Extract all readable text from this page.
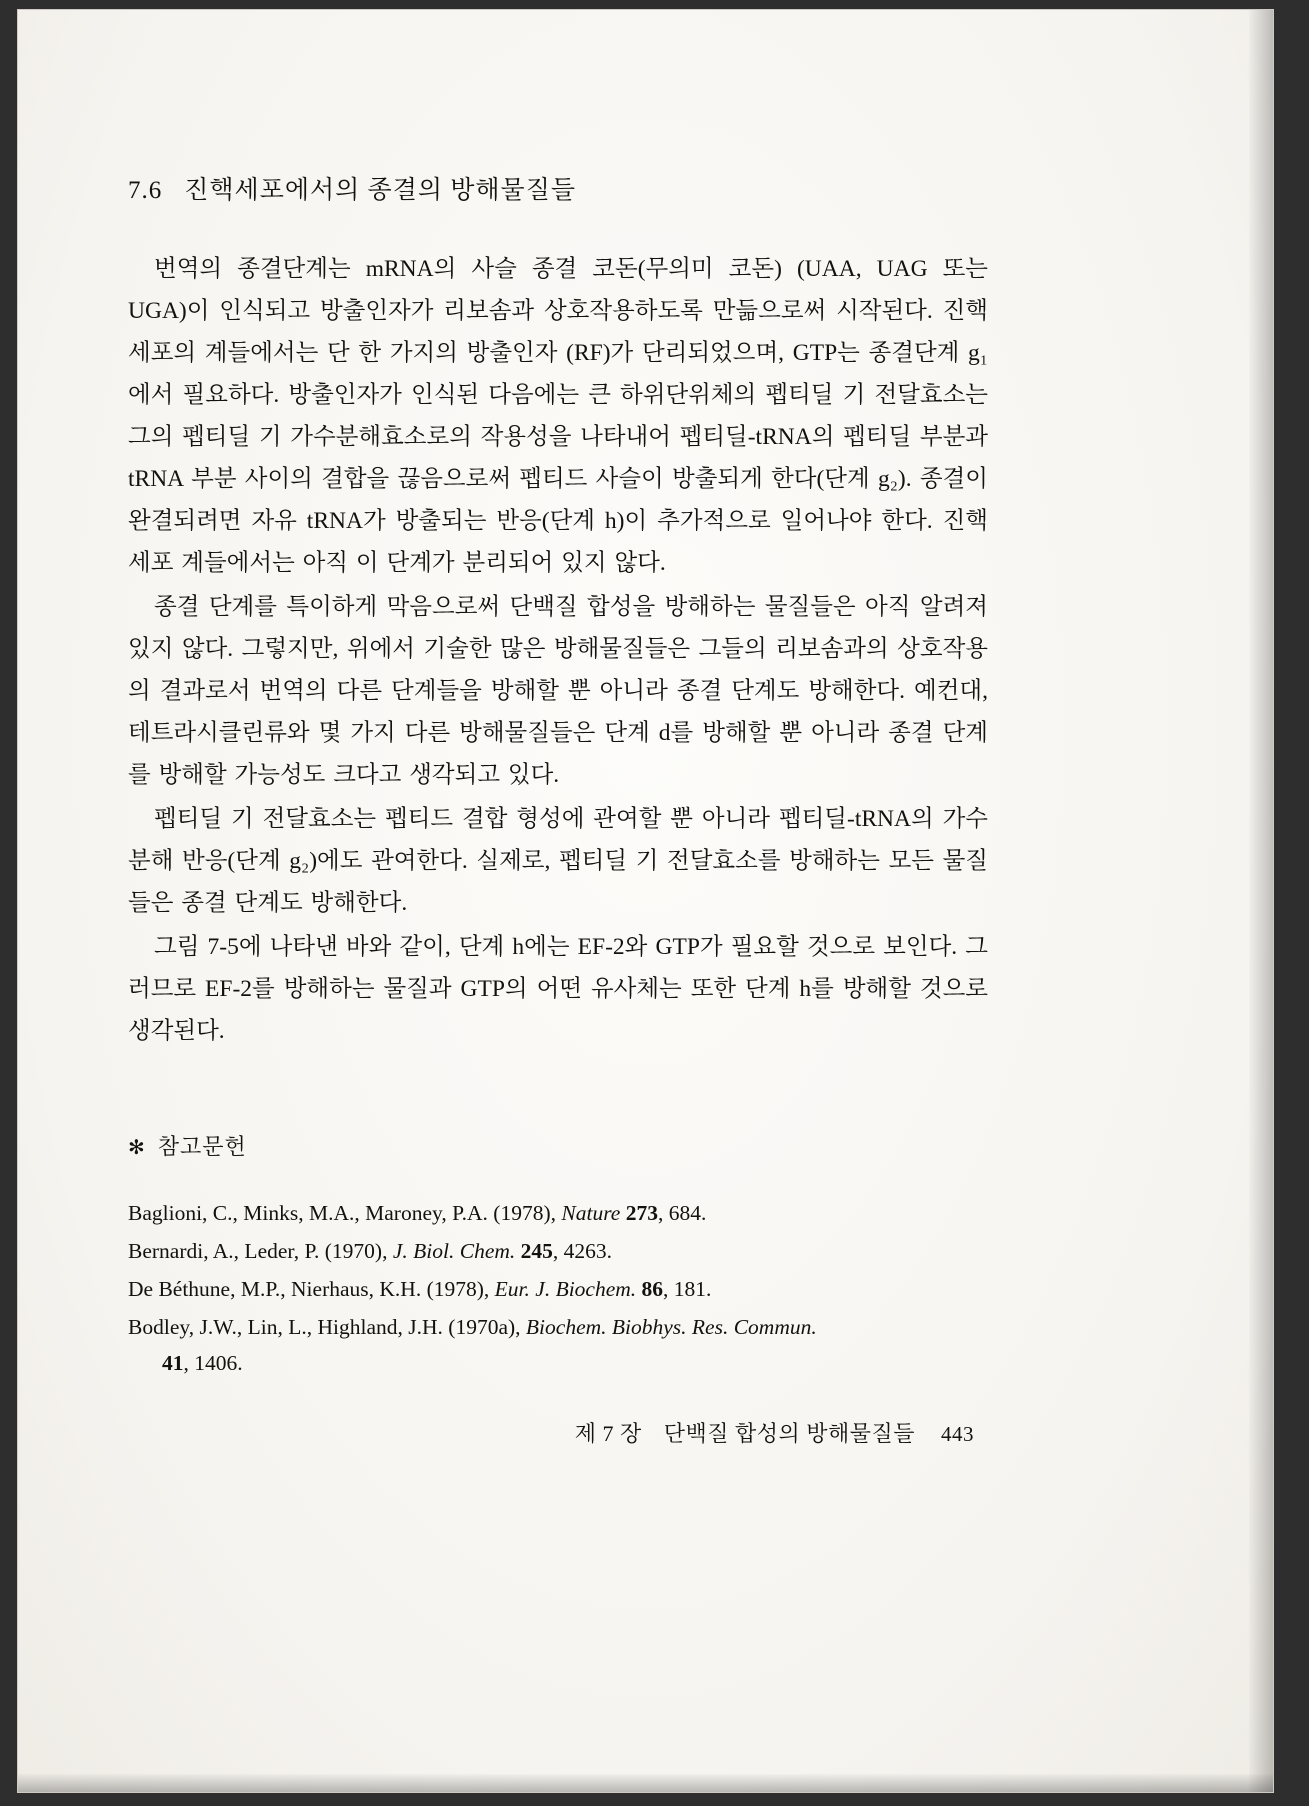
7.6 진핵세포에서의 종결의 방해물질들

번역의 종결단계는 mRNA의 사슬 종결 코돈(무의미 코돈) (UAA, UAG 또는 UGA)이 인식되고 방출인자가 리보솜과 상호작용하도록 만듦으로써 시작된다. 진핵세포의 계들에서는 단 한 가지의 방출인자 (RF)가 단리되었으며, GTP는 종결단계 g₁에서 필요하다. 방출인자가 인식된 다음에는 큰 하위단위체의 펩티딜 기 전달효소는 그의 펩티딜 기 가수분해효소로의 작용성을 나타내어 펩티딜-tRNA의 펩티딜 부분과 tRNA 부분 사이의 결합을 끊음으로써 펩티드 사슬이 방출되게 한다(단계 g₂). 종결이 완결되려면 자유 tRNA가 방출되는 반응(단계 h)이 추가적으로 일어나야 한다. 진핵세포 계들에서는 아직 이 단계가 분리되어 있지 않다.

종결 단계를 특이하게 막음으로써 단백질 합성을 방해하는 물질들은 아직 알려져 있지 않다. 그렇지만, 위에서 기술한 많은 방해물질들은 그들의 리보솜과의 상호작용의 결과로서 번역의 다른 단계들을 방해할 뿐 아니라 종결 단계도 방해한다. 예컨대, 테트라시클린류와 몇 가지 다른 방해물질들은 단계 d를 방해할 뿐 아니라 종결 단계를 방해할 가능성도 크다고 생각되고 있다.

펩티딜 기 전달효소는 펩티드 결합 형성에 관여할 뿐 아니라 펩티딜-tRNA의 가수분해 반응(단계 g₂)에도 관여한다. 실제로, 펩티딜 기 전달효소를 방해하는 모든 물질들은 종결 단계도 방해한다.

그림 7-5에 나타낸 바와 같이, 단계 h에는 EF-2와 GTP가 필요할 것으로 보인다. 그러므로 EF-2를 방해하는 물질과 GTP의 어떤 유사체는 또한 단계 h를 방해할 것으로 생각된다.

✻ 참고문헌
Baglioni, C., Minks, M.A., Maroney, P.A. (1978), Nature 273, 684.
Bernardi, A., Leder, P. (1970), J. Biol. Chem. 245, 4263.
De Béthune, M.P., Nierhaus, K.H. (1978), Eur. J. Biochem. 86, 181.
Bodley, J.W., Lin, L., Highland, J.H. (1970a), Biochem. Biobhys. Res. Commun.
41, 1406.
제 7 장 단백질 합성의 방해물질들 443
